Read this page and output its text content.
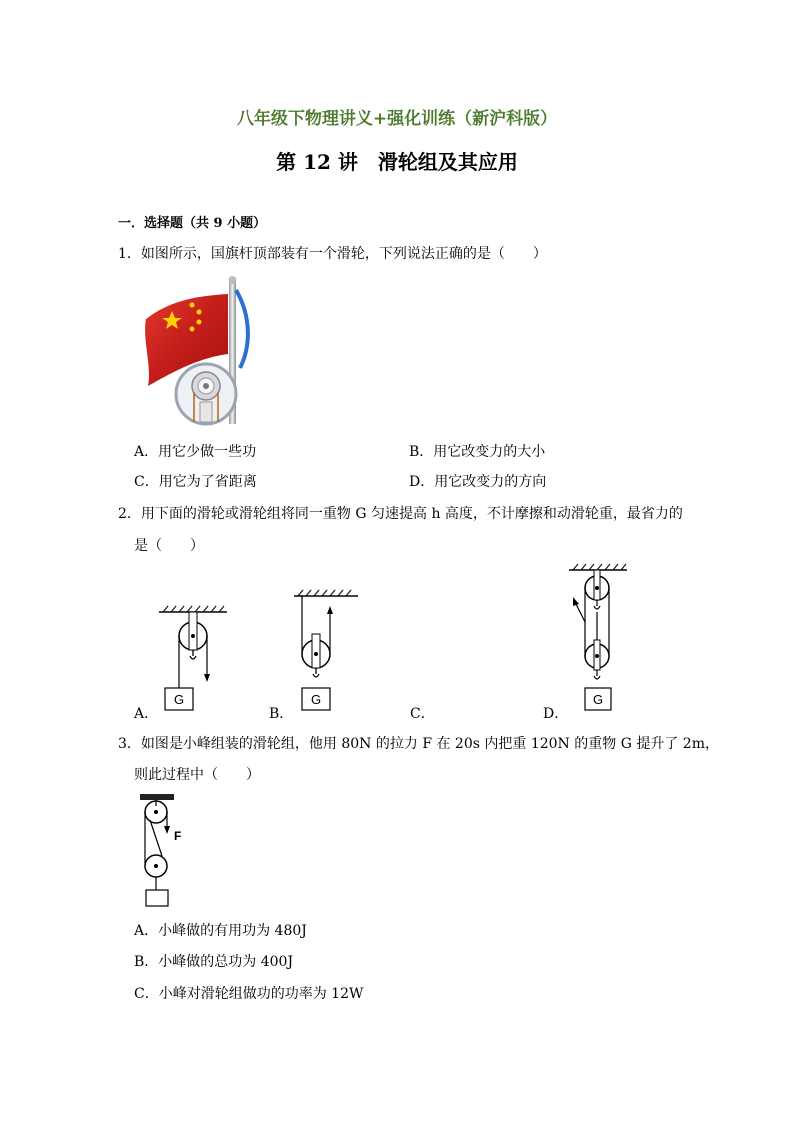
八年级下物理讲义+强化训练（新沪科版）
第 12 讲　滑轮组及其应用
一．选择题（共 9 小题）
1．如图所示，国旗杆顶部装有一个滑轮，下列说法正确的是（　　）
A．用它少做一些功	B．用它改变力的大小
C．用它为了省距离	D．用它改变力的方向
2．用下面的滑轮或滑轮组将同一重物 G 匀速提高 h 高度，不计摩擦和动滑轮重，最省力的
是（　　）
A．	B．	C．	D．
G	G	G
3．如图是小峰组装的滑轮组，他用 80N 的拉力 F 在 20s 内把重 120N 的重物 G 提升了 2m，
则此过程中（　　）
F
A．小峰做的有用功为 480J
B．小峰做的总功为 400J
C．小峰对滑轮组做功的功率为 12W
